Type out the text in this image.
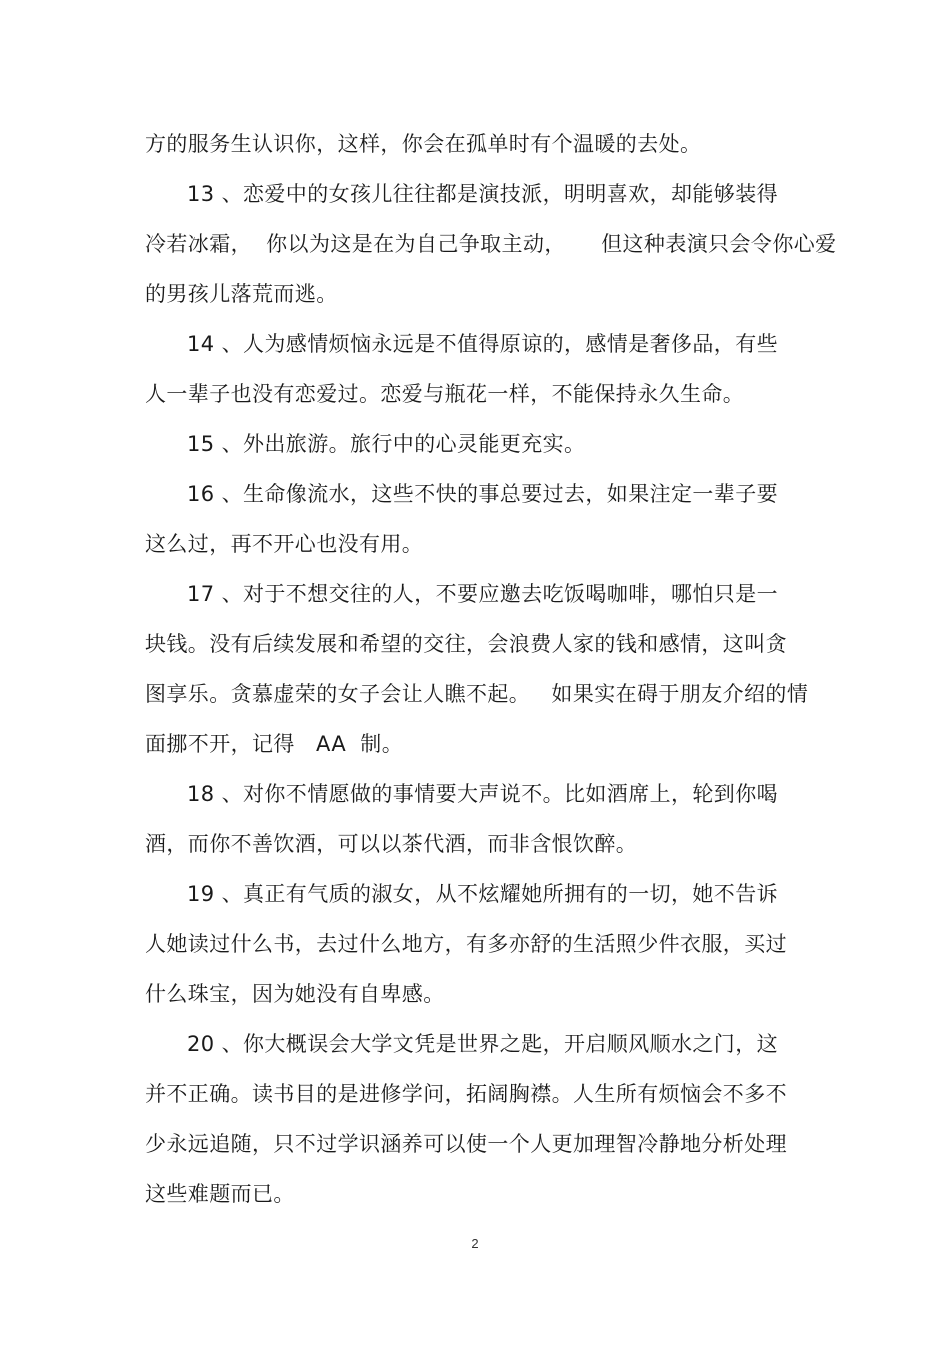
方的服务生认识你，这样，你会在孤单时有个温暖的去处。
13 、恋爱中的女孩儿往往都是演技派，明明喜欢，却能够装得
冷若冰霜，  你以为这是在为自己争取主动，     但这种表演只会令你心爱
的男孩儿落荒而逃。
14 、人为感情烦恼永远是不值得原谅的，感情是奢侈品，有些
人一辈子也没有恋爱过。恋爱与瓶花一样，不能保持永久生命。
15 、外出旅游。旅行中的心灵能更充实。
16 、生命像流水，这些不快的事总要过去，如果注定一辈子要
这么过，再不开心也没有用。
17 、对于不想交往的人，不要应邀去吃饭喝咖啡，哪怕只是一
块钱。没有后续发展和希望的交往，会浪费人家的钱和感情，这叫贪
图享乐。贪慕虚荣的女子会让人瞧不起。   如果实在碍于朋友介绍的情
面挪不开，记得   AA  制。
18 、对你不情愿做的事情要大声说不。比如酒席上，轮到你喝
酒，而你不善饮酒，可以以茶代酒，而非含恨饮醉。
19 、真正有气质的淑女，从不炫耀她所拥有的一切，她不告诉
人她读过什么书，去过什么地方，有多亦舒的生活照少件衣服，买过
什么珠宝，因为她没有自卑感。
20 、你大概误会大学文凭是世界之匙，开启顺风顺水之门，这
并不正确。读书目的是进修学问，拓阔胸襟。人生所有烦恼会不多不
少永远追随，只不过学识涵养可以使一个人更加理智冷静地分析处理
这些难题而已。
2
